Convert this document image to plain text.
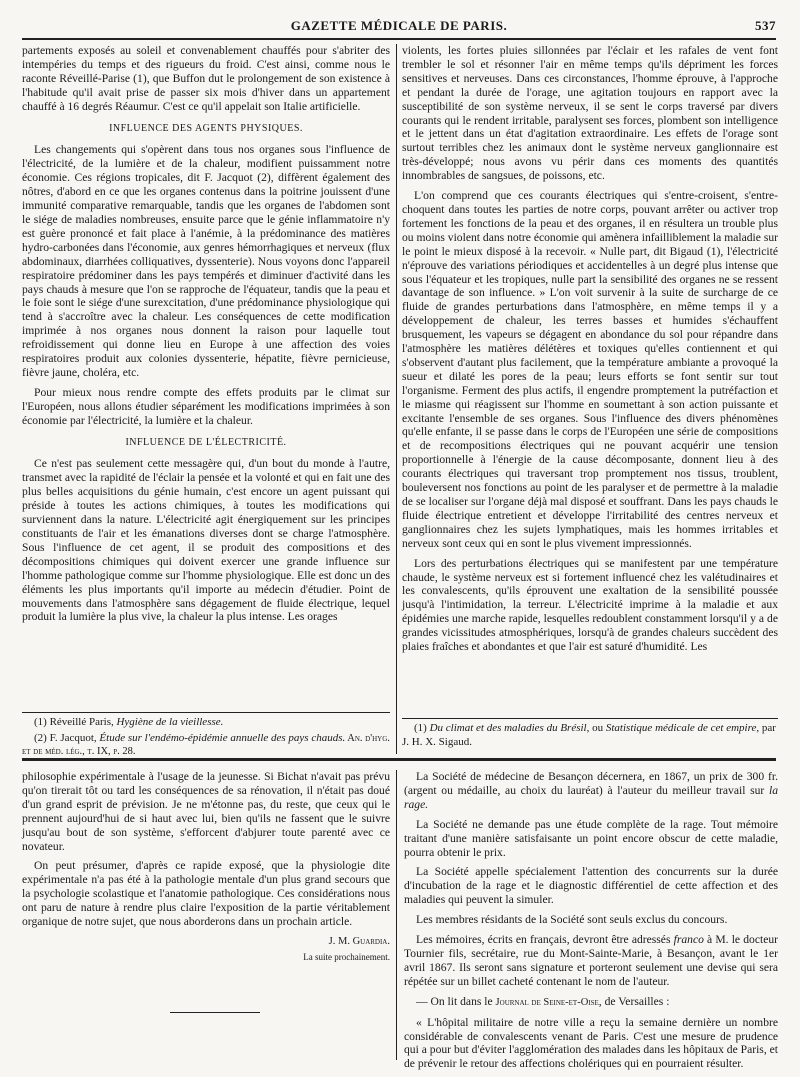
GAZETTE MÉDICALE DE PARIS.	537

partements exposés au soleil et convenablement chauffés pour s'abriter des intempéries du temps et des rigueurs du froid. C'est ainsi, comme nous le raconte Réveillé-Parise (1), que Buffon dut le prolongement de son existence à l'habitude qu'il avait prise de passer six mois d'hiver dans un appartement chauffé à 16 degrés Réaumur. C'est ce qu'il appelait son Italie artificielle.

INFLUENCE DES AGENTS PHYSIQUES.

Les changements qui s'opèrent dans tous nos organes sous l'influence de l'électricité, de la lumière et de la chaleur, modifient puissamment notre économie. Ces régions tropicales, dit F. Jacquot (2), diffèrent également des nôtres, d'abord en ce que les organes contenus dans la poitrine jouissent d'une immunité comparative remarquable, tandis que les organes de l'abdomen sont le siége de maladies nombreuses, ensuite parce que le génie inflammatoire n'y est guère prononcé et fait place à l'anémie, à la prédominance des matières hydro-carbonées dans l'économie, aux genres hémorrhagiques et nerveux (flux abdominaux, diarrhées colliquatives, dyssenterie). Nous voyons donc l'appareil respiratoire prédominer dans les pays tempérés et diminuer d'activité dans les pays chauds à mesure que l'on se rapproche de l'équateur, tandis que la peau et le foie sont le siége d'une surexcitation, d'une prédominance physiologique qui tend à s'accroître avec la chaleur. Les conséquences de cette modification imprimée à nos organes nous donnent la raison pour laquelle tout refroidissement qui donne lieu en Europe à une affection des voies respiratoires produit aux colonies dyssenterie, hépatite, fièvre pernicieuse, fièvre jaune, choléra, etc.

Pour mieux nous rendre compte des effets produits par le climat sur l'Européen, nous allons étudier séparément les modifications imprimées à son économie par l'électricité, la lumière et la chaleur.

INFLUENCE DE L'ÉLECTRICITÉ.

Ce n'est pas seulement cette messagère qui, d'un bout du monde à l'autre, transmet avec la rapidité de l'éclair la pensée et la volonté et qui en fait une des plus belles acquisitions du génie humain, c'est encore un agent puissant qui préside à toutes les actions chimiques, à toutes les modifications qui surviennent dans la nature. L'électricité agit énergiquement sur les principes constituants de l'air et les émanations diverses dont se charge l'atmosphère. Sous l'influence de cet agent, il se produit des compositions et des décompositions chimiques qui doivent exercer une grande influence sur l'homme pathologique comme sur l'homme physiologique. Elle est donc un des éléments les plus importants qu'il importe au médecin d'étudier. Point de mouvements dans l'atmosphère sans dégagement de fluide électrique, lequel produit la lumière la plus vive, la chaleur la plus intense. Les orages

violents, les fortes pluies sillonnées par l'éclair et les rafales de vent font trembler le sol et résonner l'air en même temps qu'ils dépriment les forces sensitives et nerveuses. Dans ces circonstances, l'homme éprouve, à l'approche et pendant la durée de l'orage, une agitation toujours en rapport avec la susceptibilité de son système nerveux, il se sent le corps traversé par divers courants qui le rendent irritable, paralysent ses forces, plombent son intelligence et le jettent dans un état d'agitation extraordinaire. Les effets de l'orage sont surtout terribles chez les animaux dont le système nerveux ganglionnaire est très-développé; nous avons vu périr dans ces moments des quantités innombrables de sangsues, de poissons, etc.

L'on comprend que ces courants électriques qui s'entre-croisent, s'entre-choquent dans toutes les parties de notre corps, pouvant arrêter ou activer trop fortement les fonctions de la peau et des organes, il en résultera un trouble plus ou moins violent dans notre économie qui amènera infailliblement la maladie sur le point le mieux disposé à la recevoir. « Nulle part, dit Bigaud (1), l'électricité n'éprouve des variations périodiques et accidentelles à un degré plus intense que sous l'équateur et les tropiques, nulle part la sensibilité des organes ne se ressent davantage de son influence. » L'on voit survenir à la suite de surcharge de ce fluide de grandes perturbations dans l'atmosphère, en même temps il y a développement de chaleur, les terres basses et humides s'échauffent brusquement, les vapeurs se dégagent en abondance du sol pour répandre dans l'atmosphère les matières délétères et toxiques qu'elles contiennent et qui s'observent d'autant plus facilement, que la température ambiante a provoqué la sueur et dilaté les pores de la peau; leurs efforts se font sentir sur tout l'organisme. Ferment des plus actifs, il engendre promptement la putréfaction et le miasme qui réagissent sur l'homme en soumettant à son action puissante et excitante l'ensemble de ses organes. Sous l'influence des divers phénomènes qu'elle enfante, il se passe dans le corps de l'Européen une série de compositions et de recompositions électriques qui ne pouvant acquérir une tension proportionnelle à l'énergie de la cause décomposante, donnent lieu à des courants électriques qui traversant trop promptement nos tissus, troublent, bouleversent nos fonctions au point de les paralyser et de permettre à la maladie de se localiser sur l'organe déjà mal disposé et souffrant. Dans les pays chauds le fluide électrique entretient et développe l'irritabilité des centres nerveux et ganglionnaires chez les sujets lymphatiques, mais les hommes irritables et nerveux sont ceux qui en sont le plus vivement impressionnés.

Lors des perturbations électriques qui se manifestent par une température chaude, le système nerveux est si fortement influencé chez les valétudinaires et les convalescents, qu'ils éprouvent une exaltation de la sensibilité poussée jusqu'à l'intimidation, la terreur. L'électricité imprime à la maladie et aux épidémies une marche rapide, lesquelles redoublent constamment lorsqu'il y a de grandes vicissitudes atmosphériques, lorsqu'à de grandes chaleurs succèdent des plaies fraîches et abondantes et que l'air est saturé d'humidité. Les

(1) Réveillé Paris, Hygiène de la vieillesse.

(2) F. Jacquot, Étude sur l'endémo-épidémie annuelle des pays chauds. An. d'hyg. et de méd. lég., t. IX, p. 28.

(1) Du climat et des maladies du Brésil, ou Statistique médicale de cet empire, par J. H. X. Sigaud.

philosophie expérimentale à l'usage de la jeunesse. Si Bichat n'avait pas prévu qu'on tirerait tôt ou tard les conséquences de sa rénovation, il n'était pas doué d'un grand esprit de prévision. Je ne m'étonne pas, du reste, que ceux qui le prennent aujourd'hui de si haut avec lui, bien qu'ils ne fassent que le suivre jusqu'au bout de son système, s'efforcent d'abjurer toute parenté avec ce novateur.

On peut présumer, d'après ce rapide exposé, que la physiologie dite expérimentale n'a pas été à la pathologie mentale d'un plus grand secours que la psychologie scolastique et l'anatomie pathologique. Ces considérations nous ont paru de nature à rendre plus claire l'exposition de la partie véritablement organique de notre sujet, que nous aborderons dans un prochain article.

J. M. Guardia.
La suite prochainement.

La Société de médecine de Besançon décernera, en 1867, un prix de 300 fr. (argent ou médaille, au choix du lauréat) à l'auteur du meilleur travail sur la rage.

La Société ne demande pas une étude complète de la rage. Tout mémoire traitant d'une manière satisfaisante un point encore obscur de cette maladie, pourra obtenir le prix.

La Société appelle spécialement l'attention des concurrents sur la durée d'incubation de la rage et le diagnostic différentiel de cette affection et des maladies qui peuvent la simuler.

Les membres résidants de la Société sont seuls exclus du concours.

Les mémoires, écrits en français, devront être adressés franco à M. le docteur Tournier fils, secrétaire, rue du Mont-Sainte-Marie, à Besançon, avant le 1er avril 1867. Ils seront sans signature et porteront seulement une devise qui sera répétée sur un billet cacheté contenant le nom de l'auteur.

— On lit dans le Journal de Seine-et-Oise, de Versailles :

« L'hôpital militaire de notre ville a reçu la semaine dernière un nombre considérable de convalescents venant de Paris. C'est une mesure de prudence qui a pour but d'éviter l'agglomération des malades dans les hôpitaux de Paris, et de prévenir le retour des affections cholériques qui en pourraient résulter.
